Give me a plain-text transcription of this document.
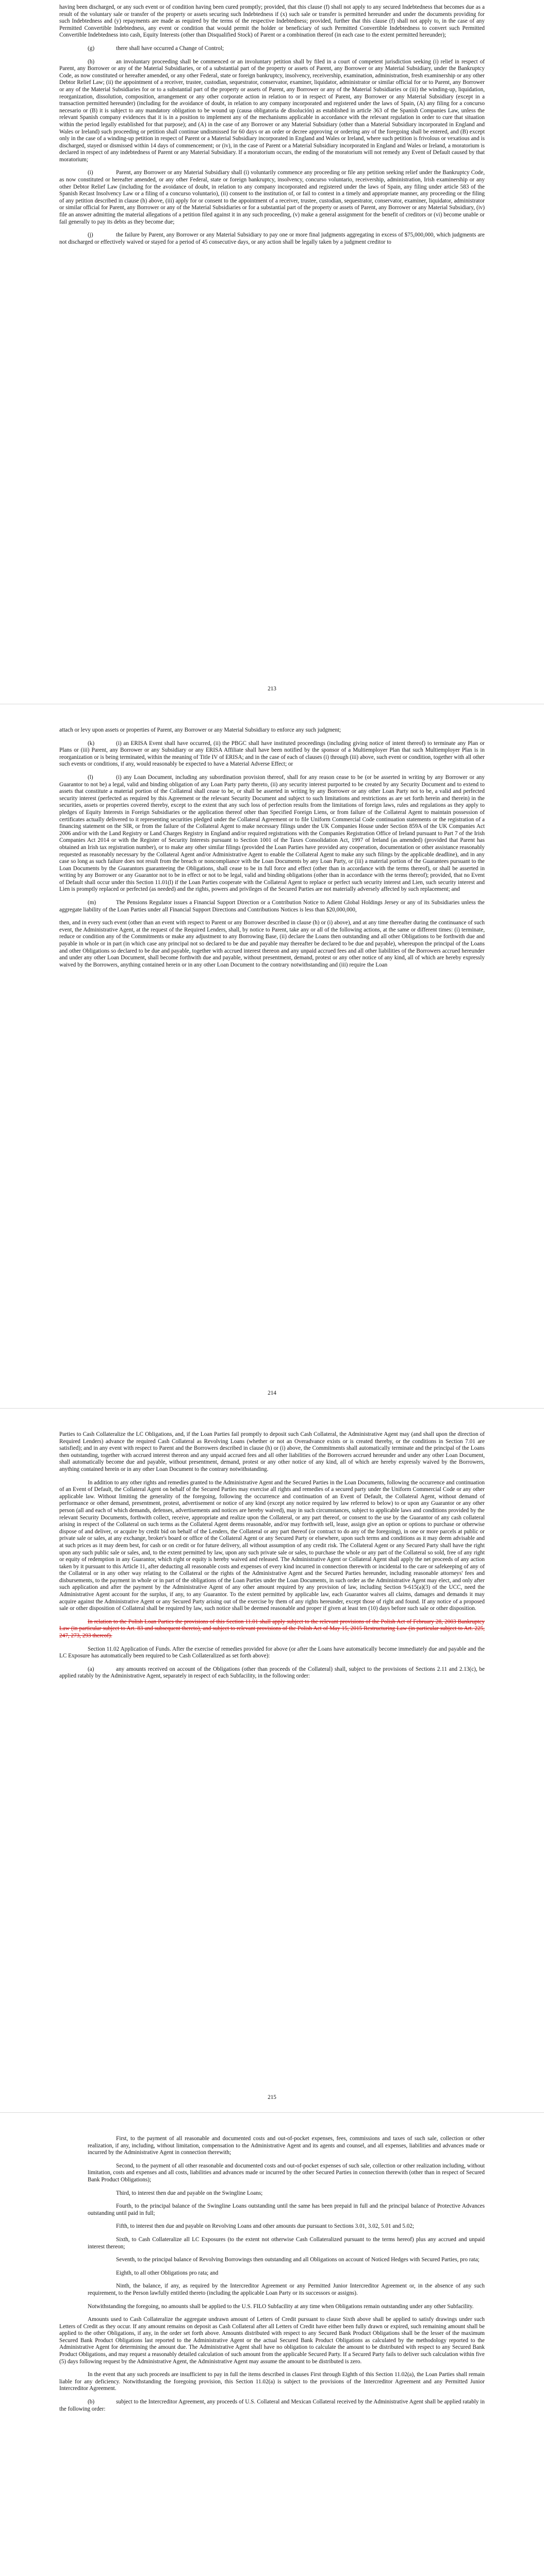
having been discharged, or any such event or of condition having been cured promptly; provided, that this clause (f) shall not apply to any secured Indebtedness that becomes due as a result of the voluntary sale or transfer of the property or assets securing such Indebtedness if (x) such sale or transfer is permitted hereunder and under the documents providing for such Indebtedness and (y) repayments are made as required by the terms of the respective Indebtedness; provided, further that this clause (f) shall not apply to, in the case of any Permitted Convertible Indebtedness, any event or condition that would permit the holder or beneficiary of such Permitted Convertible Indebtedness to convert such Permitted Convertible Indebtedness into cash, Equity Interests (other than Disqualified Stock) of Parent or a combination thereof (in each case to the extent permitted hereunder);

(g)	there shall have occurred a Change of Control;

(h)	an involuntary proceeding shall be commenced or an involuntary petition shall by filed in a court of competent jurisdiction seeking (i) relief in respect of Parent, any Borrower or any of the Material Subsidiaries, or of a substantial part of the property or assets of Parent, any Borrower or any Material Subsidiary, under the Bankruptcy Code, as now constituted or hereafter amended, or any other Federal, state or foreign bankruptcy, insolvency, receivership, examination, administration, fresh examinership or any other Debtor Relief Law; (ii) the appointment of a receiver, trustee, custodian, sequestrator, conservator, examiner, liquidator, administrator or similar official for or to Parent, any Borrower or any of the Material Subsidiaries for or to a substantial part of the property or assets of Parent, any Borrower or any of the Material Subsidiaries or (iii) the winding-up, liquidation, reorganization, dissolution, composition, arrangement or any other corporate action in relation to or in respect of Parent, any Borrower or any Material Subsidiary (except in a transaction permitted hereunder) (including for the avoidance of doubt, in relation to any company incorporated and registered under the laws of Spain, (A) any filing for a concurso necesario or (B) it is subject to any mandatory obligation to be wound up (causa obligatoria de disolución) as established in article 363 of the Spanish Companies Law, unless the relevant Spanish company evidences that it is in a position to implement any of the mechanisms applicable in accordance with the relevant regulation in order to cure that situation within the period legally established for that purpose); and (A) in the case of any Borrower or any Material Subsidiary (other than a Material Subsidiary incorporated in England and Wales or Ireland) such proceeding or petition shall continue undismissed for 60 days or an order or decree approving or ordering any of the foregoing shall be entered, and (B) except only in the case of a winding-up petition in respect of Parent or a Material Subsidiary incorporated in England and Wales or Ireland, where such petition is frivolous or vexatious and is discharged, stayed or dismissed within 14 days of commencement; or (iv), in the case of Parent or a Material Subsidiary incorporated in England and Wales or Ireland, a moratorium is declared in respect of any indebtedness of Parent or any Material Subsidiary. If a moratorium occurs, the ending of the moratorium will not remedy any Event of Default caused by that moratorium;

(i)	Parent, any Borrower or any Material Subsidiary shall (i) voluntarily commence any proceeding or file any petition seeking relief under the Bankruptcy Code, as now constituted or hereafter amended, or any other Federal, state or foreign bankruptcy, insolvency, concurso voluntario, receivership, administration, Irish examinership or any other Debtor Relief Law (including for the avoidance of doubt, in relation to any company incorporated and registered under the laws of Spain, any filing under article 583 of the Spanish Recast Insolvency Law or a filing of a concurso voluntario), (ii) consent to the institution of, or fail to contest in a timely and appropriate manner, any proceeding or the filing of any petition described in clause (h) above, (iii) apply for or consent to the appointment of a receiver, trustee, custodian, sequestrator, conservator, examiner, liquidator, administrator or similar official for Parent, any Borrower or any of the Material Subsidiaries or for a substantial part of the property or assets of Parent, any Borrower or any Material Subsidiary, (iv) file an answer admitting the material allegations of a petition filed against it in any such proceeding, (v) make a general assignment for the benefit of creditors or (vi) become unable or fail generally to pay its debts as they become due;

(j)	the failure by Parent, any Borrower or any Material Subsidiary to pay one or more final judgments aggregating in excess of $75,000,000, which judgments are not discharged or effectively waived or stayed for a period of 45 consecutive days, or any action shall be legally taken by a judgment creditor to

213

attach or levy upon assets or properties of Parent, any Borrower or any Material Subsidiary to enforce any such judgment;

(k)	(i) an ERISA Event shall have occurred, (ii) the PBGC shall have instituted proceedings (including giving notice of intent thereof) to terminate any Plan or Plans or (iii) Parent, any Borrower or any Subsidiary or any ERISA Affiliate shall have been notified by the sponsor of a Multiemployer Plan that such Multiemployer Plan is in reorganization or is being terminated, within the meaning of Title IV of ERISA; and in the case of each of clauses (i) through (iii) above, such event or condition, together with all other such events or conditions, if any, would reasonably be expected to have a Material Adverse Effect; or

(l)	(i) any Loan Document, including any subordination provision thereof, shall for any reason cease to be (or be asserted in writing by any Borrower or any Guarantor to not be) a legal, valid and binding obligation of any Loan Party party thereto, (ii) any security interest purported to be created by any Security Document and to extend to assets that constitute a material portion of the Collateral shall cease to be, or shall be asserted in writing by any Borrower or any other Loan Party not to be, a valid and perfected security interest (perfected as required by this Agreement or the relevant Security Document and subject to such limitations and restrictions as are set forth herein and therein) in the securities, assets or properties covered thereby, except to the extent that any such loss of perfection results from the limitations of foreign laws, rules and regulations as they apply to pledges of Equity Interests in Foreign Subsidiaries or the application thereof other than Specified Foreign Liens, or from failure of the Collateral Agent to maintain possession of certificates actually delivered to it representing securities pledged under the Collateral Agreement or to file Uniform Commercial Code continuation statements or the registration of a financing statement on the SIR, or from the failure of the Collateral Agent to make necessary filings under the UK Companies House under Section 859A of the UK Companies Act 2006 and/or with the Land Registry or Land Charges Registry in England and/or required registrations with the Companies Registration Office of Ireland pursuant to Part 7 of the Irish Companies Act 2014 or with the Register of Security Interests pursuant to Section 1001 of the Taxes Consolidation Act, 1997 of Ireland (as amended) (provided that Parent has obtained an Irish tax registration number), or to make any other similar filings (provided the Loan Parties have provided any cooperation, documentation or other assistance reasonably requested as reasonably necessary by the Collateral Agent and/or Administrative Agent to enable the Collateral Agent to make any such filings by the applicable deadline), and in any case so long as such failure does not result from the breach or noncompliance with the Loan Documents by any Loan Party, or (iii) a material portion of the Guarantees pursuant to the Loan Documents by the Guarantors guaranteeing the Obligations, shall cease to be in full force and effect (other than in accordance with the terms thereof), or shall be asserted in writing by any Borrower or any Guarantor not to be in effect or not to be legal, valid and binding obligations (other than in accordance with the terms thereof); provided, that no Event of Default shall occur under this Section 11.01(l) if the Loan Parties cooperate with the Collateral Agent to replace or perfect such security interest and Lien, such security interest and Lien is promptly replaced or perfected (as needed) and the rights, powers and privileges of the Secured Parties are not materially adversely affected by such replacement; and

(m)	The Pensions Regulator issues a Financial Support Direction or a Contribution Notice to Adient Global Holdings Jersey or any of its Subsidiaries unless the aggregate liability of the Loan Parties under all Financial Support Directions and Contributions Notices is less than $20,000,000,

then, and in every such event (other than an event with respect to Parent or any Borrower described in clause (h) or (i) above), and at any time thereafter during the continuance of such event, the Administrative Agent, at the request of the Required Lenders, shall, by notice to Parent, take any or all of the following actions, at the same or different times: (i) terminate, reduce or condition any of the Commitments or make any adjustment to any Borrowing Base, (ii) declare the Loans then outstanding and all other Obligations to be forthwith due and payable in whole or in part (in which case any principal not so declared to be due and payable may thereafter be declared to be due and payable), whereupon the principal of the Loans and other Obligations so declared to be due and payable, together with accrued interest thereon and any unpaid accrued fees and all other liabilities of the Borrowers accrued hereunder and under any other Loan Document, shall become forthwith due and payable, without presentment, demand, protest or any other notice of any kind, all of which are hereby expressly waived by the Borrowers, anything contained herein or in any other Loan Document to the contrary notwithstanding and (iii) require the Loan

214

Parties to Cash Collateralize the LC Obligations, and, if the Loan Parties fail promptly to deposit such Cash Collateral, the Administrative Agent may (and shall upon the direction of Required Lenders) advance the required Cash Collateral as Revolving Loans (whether or not an Overadvance exists or is created thereby, or the conditions in Section 7.01 are satisfied); and in any event with respect to Parent and the Borrowers described in clause (h) or (i) above, the Commitments shall automatically terminate and the principal of the Loans then outstanding, together with accrued interest thereon and any unpaid accrued fees and all other liabilities of the Borrowers accrued hereunder and under any other Loan Document, shall automatically become due and payable, without presentment, demand, protest or any other notice of any kind, all of which are hereby expressly waived by the Borrowers, anything contained herein or in any other Loan Document to the contrary notwithstanding.

In addition to any other rights and remedies granted to the Administrative Agent and the Secured Parties in the Loan Documents, following the occurrence and continuation of an Event of Default, the Collateral Agent on behalf of the Secured Parties may exercise all rights and remedies of a secured party under the Uniform Commercial Code or any other applicable law. Without limiting the generality of the foregoing, following the occurrence and continuation of an Event of Default, the Collateral Agent, without demand of performance or other demand, presentment, protest, advertisement or notice of any kind (except any notice required by law referred to below) to or upon any Guarantor or any other person (all and each of which demands, defenses, advertisements and notices are hereby waived), may in such circumstances, subject to applicable laws and conditions provided by the relevant Security Documents, forthwith collect, receive, appropriate and realize upon the Collateral, or any part thereof, or consent to the use by the Guarantor of any cash collateral arising in respect of the Collateral on such terms as the Collateral Agent deems reasonable, and/or may forthwith sell, lease, assign give an option or options to purchase or otherwise dispose of and deliver, or acquire by credit bid on behalf of the Lenders, the Collateral or any part thereof (or contract to do any of the foregoing), in one or more parcels at public or private sale or sales, at any exchange, broker's board or office of the Collateral Agent or any Secured Party or elsewhere, upon such terms and conditions as it may deem advisable and at such prices as it may deem best, for cash or on credit or for future delivery, all without assumption of any credit risk. The Collateral Agent or any Secured Party shall have the right upon any such public sale or sales, and, to the extent permitted by law, upon any such private sale or sales, to purchase the whole or any part of the Collateral so sold, free of any right or equity of redemption in any Guarantor, which right or equity is hereby waived and released. The Administrative Agent or Collateral Agent shall apply the net proceeds of any action taken by it pursuant to this Article 11, after deducting all reasonable costs and expenses of every kind incurred in connection therewith or incidental to the care or safekeeping of any of the Collateral or in any other way relating to the Collateral or the rights of the Administrative Agent and the Secured Parties hereunder, including reasonable attorneys' fees and disbursements, to the payment in whole or in part of the obligations of the Loan Parties under the Loan Documents, in such order as the Administrative Agent may elect, and only after such application and after the payment by the Administrative Agent of any other amount required by any provision of law, including Section 9-615(a)(3) of the UCC, need the Administrative Agent account for the surplus, if any, to any Guarantor. To the extent permitted by applicable law, each Guarantor waives all claims, damages and demands it may acquire against the Administrative Agent or any Secured Party arising out of the exercise by them of any rights hereunder, except those of right and found. If any notice of a proposed sale or other disposition of Collateral shall be required by law, such notice shall be deemed reasonable and proper if given at least ten (10) days before such sale or other disposition.

In relation to the Polish Loan Parties the provisions of this Section 11.01 shall apply subject to the relevant provisions of the Polish Act of February 28, 2003 Bankruptcy Law (in particular subject to Art. 83 and subsequent thereto), and subject to relevant provisions of the Polish Act of May 15, 2015 Restructuring Law (in particular subject to Art. 225, 247, 273, 293 thereof).

Section 11.02 Application of Funds. After the exercise of remedies provided for above (or after the Loans have automatically become immediately due and payable and the LC Exposure has automatically been required to be Cash Collateralized as set forth above):

(a)	any amounts received on account of the Obligations (other than proceeds of the Collateral) shall, subject to the provisions of Sections 2.11 and 2.13(c), be applied ratably by the Administrative Agent, separately in respect of each Subfacility, in the following order:

215

First, to the payment of all reasonable and documented costs and out-of-pocket expenses, fees, commissions and taxes of such sale, collection or other realization, if any, including, without limitation, compensation to the Administrative Agent and its agents and counsel, and all expenses, liabilities and advances made or incurred by the Administrative Agent in connection therewith;

Second, to the payment of all other reasonable and documented costs and out-of-pocket expenses of such sale, collection or other realization including, without limitation, costs and expenses and all costs, liabilities and advances made or incurred by the other Secured Parties in connection therewith (other than in respect of Secured Bank Product Obligations);

Third, to interest then due and payable on the Swingline Loans;

Fourth, to the principal balance of the Swingline Loans outstanding until the same has been prepaid in full and the principal balance of Protective Advances outstanding until paid in full;

Fifth, to interest then due and payable on Revolving Loans and other amounts due pursuant to Sections 3.01, 3.02, 5.01 and 5.02;

Sixth, to Cash Collateralize all LC Exposures (to the extent not otherwise Cash Collateralized pursuant to the terms hereof) plus any accrued and unpaid interest thereon;

Seventh, to the principal balance of Revolving Borrowings then outstanding and all Obligations on account of Noticed Hedges with Secured Parties, pro rata;

Eighth, to all other Obligations pro rata; and

Ninth, the balance, if any, as required by the Intercreditor Agreement or any Permitted Junior Intercreditor Agreement or, in the absence of any such requirement, to the Person lawfully entitled thereto (including the applicable Loan Party or its successors or assigns).

Notwithstanding the foregoing, no amounts shall be applied to the U.S. FILO Subfacility at any time when Obligations remain outstanding under any other Subfacility.

Amounts used to Cash Collateralize the aggregate undrawn amount of Letters of Credit pursuant to clause Sixth above shall be applied to satisfy drawings under such Letters of Credit as they occur. If any amount remains on deposit as Cash Collateral after all Letters of Credit have either been fully drawn or expired, such remaining amount shall be applied to the other Obligations, if any, in the order set forth above. Amounts distributed with respect to any Secured Bank Product Obligations shall be the lesser of the maximum Secured Bank Product Obligations last reported to the Administrative Agent or the actual Secured Bank Product Obligations as calculated by the methodology reported to the Administrative Agent for determining the amount due. The Administrative Agent shall have no obligation to calculate the amount to be distributed with respect to any Secured Bank Product Obligations, and may request a reasonably detailed calculation of such amount from the applicable Secured Party. If a Secured Party fails to deliver such calculation within five (5) days following request by the Administrative Agent, the Administrative Agent may assume the amount to be distributed is zero.

In the event that any such proceeds are insufficient to pay in full the items described in clauses First through Eighth of this Section 11.02(a), the Loan Parties shall remain liable for any deficiency. Notwithstanding the foregoing provision, this Section 11.02(a) is subject to the provisions of the Intercreditor Agreement and any Permitted Junior Intercreditor Agreement.

(b)	subject to the Intercreditor Agreement, any proceeds of U.S. Collateral and Mexican Collateral received by the Administrative Agent shall be applied ratably in the following order:
